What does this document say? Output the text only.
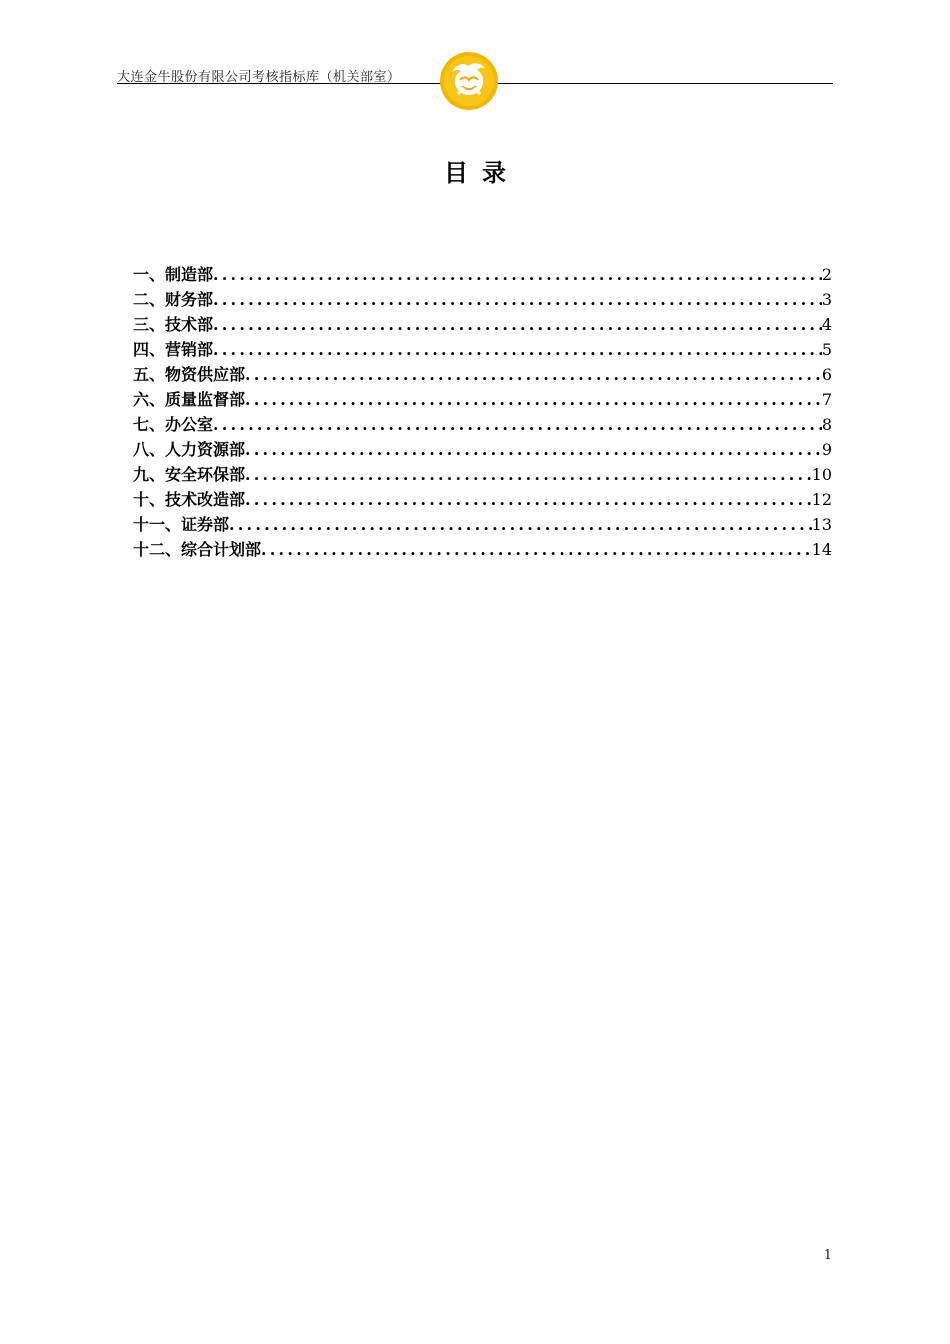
大连金牛股份有限公司考核指标库（机关部室）
目录
一、制造部 .....	2
二、财务部 .....	3
三、技术部 .....	4
四、营销部 .....	5
五、物资供应部 .....	6
六、质量监督部 .....	7
七、办公室 .....	8
八、人力资源部 .....	9
九、安全环保部 .....	10
十、技术改造部 .....	12
十一、证券部 .....	13
十二、综合计划部 .....	14
1
